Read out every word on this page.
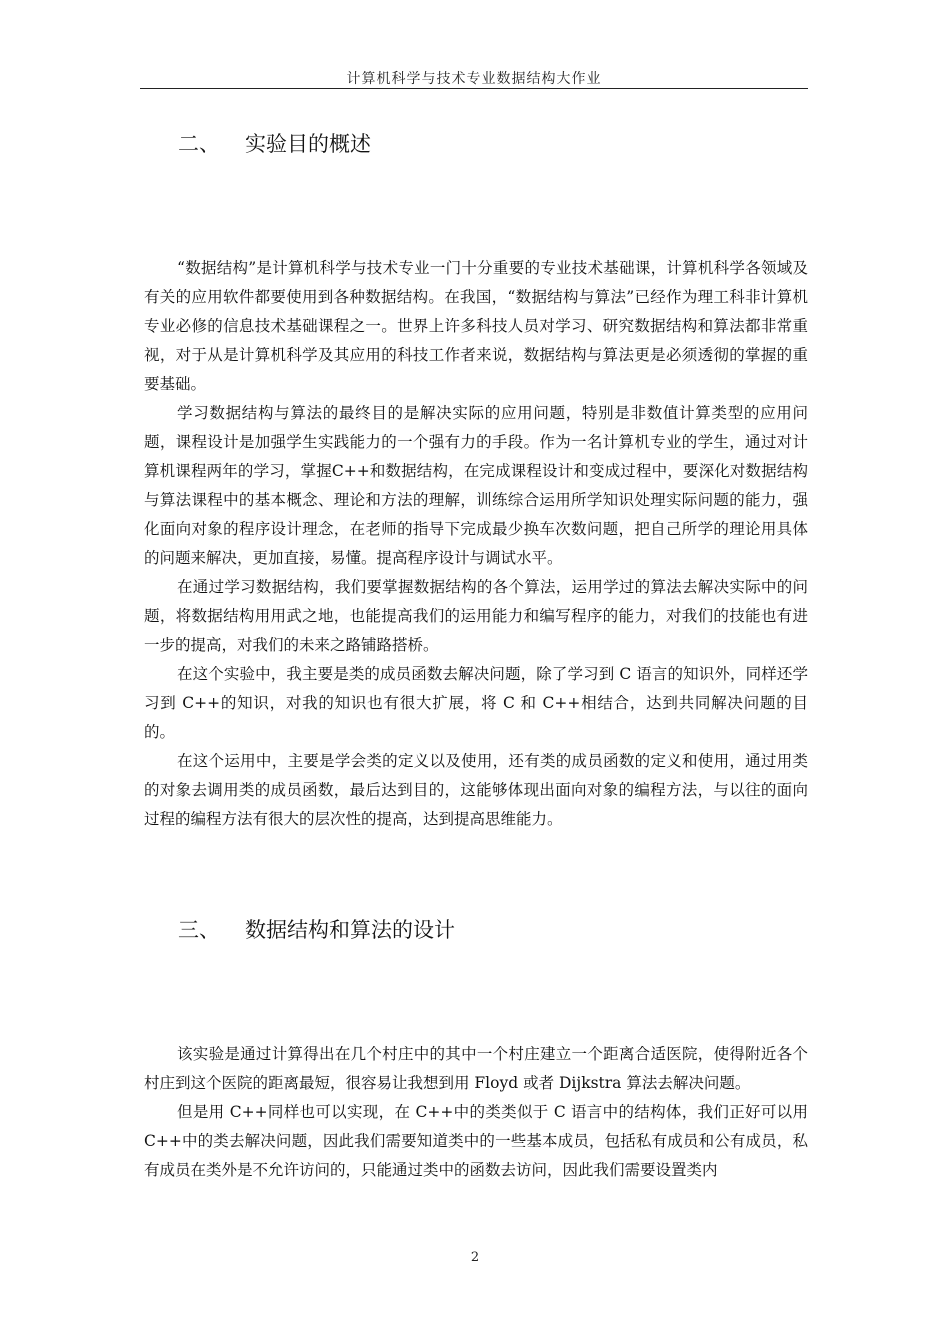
计算机科学与技术专业数据结构大作业
二、 实验目的概述

“数据结构”是计算机科学与技术专业一门十分重要的专业技术基础课，计算机科学各领域及有关的应用软件都要使用到各种数据结构。在我国，“数据结构与算法”已经作为理工科非计算机专业必修的信息技术基础课程之一。世界上许多科技人员对学习、研究数据结构和算法都非常重视，对于从是计算机科学及其应用的科技工作者来说，数据结构与算法更是必须透彻的掌握的重要基础。

学习数据结构与算法的最终目的是解决实际的应用问题，特别是非数值计算类型的应用问题，课程设计是加强学生实践能力的一个强有力的手段。作为一名计算机专业的学生，通过对计算机课程两年的学习，掌握C++和数据结构，在完成课程设计和变成过程中，要深化对数据结构与算法课程中的基本概念、理论和方法的理解，训练综合运用所学知识处理实际问题的能力，强化面向对象的程序设计理念，在老师的指导下完成最少换车次数问题，把自己所学的理论用具体的问题来解决，更加直接，易懂。提高程序设计与调试水平。

在通过学习数据结构，我们要掌握数据结构的各个算法，运用学过的算法去解决实际中的问题，将数据结构用用武之地，也能提高我们的运用能力和编写程序的能力，对我们的技能也有进一步的提高，对我们的未来之路铺路搭桥。

在这个实验中，我主要是类的成员函数去解决问题，除了学习到 C 语言的知识外，同样还学习到 C++的知识，对我的知识也有很大扩展，将 C 和 C++相结合，达到共同解决问题的目的。

在这个运用中，主要是学会类的定义以及使用，还有类的成员函数的定义和使用，通过用类的对象去调用类的成员函数，最后达到目的，这能够体现出面向对象的编程方法，与以往的面向过程的编程方法有很大的层次性的提高，达到提高思维能力。

三、 数据结构和算法的设计

该实验是通过计算得出在几个村庄中的其中一个村庄建立一个距离合适医院，使得附近各个村庄到这个医院的距离最短，很容易让我想到用 Floyd 或者 Dijkstra 算法去解决问题。

但是用 C++同样也可以实现，在 C++中的类类似于 C 语言中的结构体，我们正好可以用 C++中的类去解决问题，因此我们需要知道类中的一些基本成员，包括私有成员和公有成员，私有成员在类外是不允许访问的，只能通过类中的函数去访问，因此我们需要设置类内

2
